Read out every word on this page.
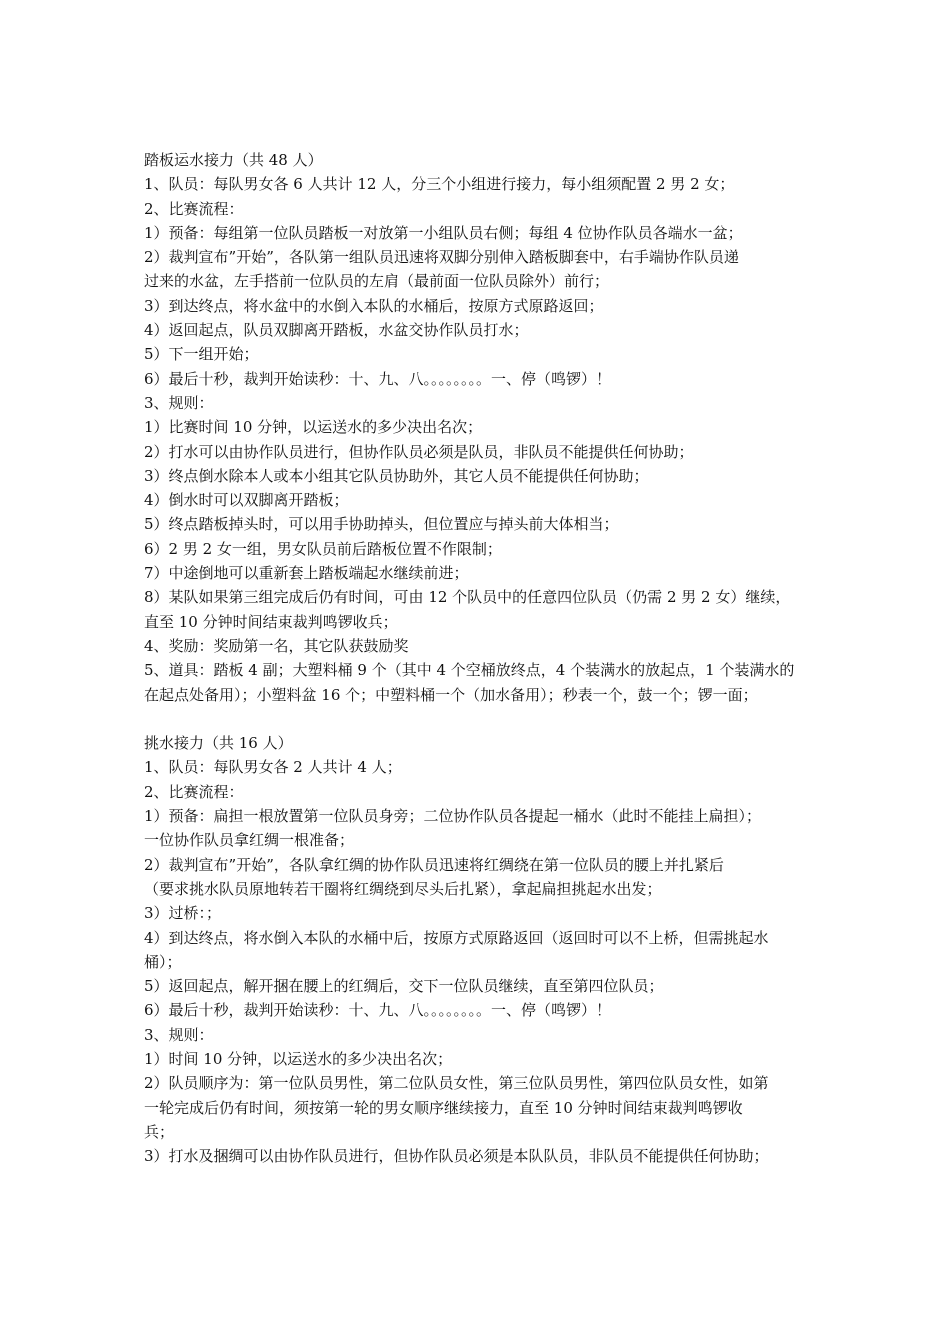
踏板运水接力（共 48 人）
1、队员：每队男女各 6 人共计 12 人，分三个小组进行接力，每小组须配置 2 男 2 女；
2、比赛流程：
1）预备：每组第一位队员踏板一对放第一小组队员右侧；每组 4 位协作队员各端水一盆；
2）裁判宣布”开始”，各队第一组队员迅速将双脚分别伸入踏板脚套中，右手端协作队员递
过来的水盆，左手搭前一位队员的左肩（最前面一位队员除外）前行；
3）到达终点，将水盆中的水倒入本队的水桶后，按原方式原路返回；
4）返回起点，队员双脚离开踏板，水盆交协作队员打水；
5）下一组开始；
6）最后十秒，裁判开始读秒：十、九、八。。。。。。。。一、停（鸣锣）！
3、规则：
1）比赛时间 10 分钟，以运送水的多少决出名次；
2）打水可以由协作队员进行，但协作队员必须是队员，非队员不能提供任何协助；
3）终点倒水除本人或本小组其它队员协助外，其它人员不能提供任何协助；
4）倒水时可以双脚离开踏板；
5）终点踏板掉头时，可以用手协助掉头，但位置应与掉头前大体相当；
6）2 男 2 女一组，男女队员前后踏板位置不作限制；
7）中途倒地可以重新套上踏板端起水继续前进；
8）某队如果第三组完成后仍有时间，可由 12 个队员中的任意四位队员（仍需 2 男 2 女）继续，
直至 10 分钟时间结束裁判鸣锣收兵；
4、奖励：奖励第一名，其它队获鼓励奖
5、道具：踏板 4 副；大塑料桶 9 个（其中 4 个空桶放终点，4 个装满水的放起点，1 个装满水的
在起点处备用）；小塑料盆 16 个；中塑料桶一个（加水备用）；秒表一个，鼓一个；锣一面；
挑水接力（共 16 人）
1、队员：每队男女各 2 人共计 4 人；
2、比赛流程：
1）预备：扁担一根放置第一位队员身旁；二位协作队员各提起一桶水（此时不能挂上扁担）；
一位协作队员拿红绸一根准备；
2）裁判宣布”开始”，各队拿红绸的协作队员迅速将红绸绕在第一位队员的腰上并扎紧后
（要求挑水队员原地转若干圈将红绸绕到尽头后扎紧），拿起扁担挑起水出发；
3）过桥：；
4）到达终点，将水倒入本队的水桶中后，按原方式原路返回（返回时可以不上桥，但需挑起水
桶）；
5）返回起点，解开捆在腰上的红绸后，交下一位队员继续，直至第四位队员；
6）最后十秒，裁判开始读秒：十、九、八。。。。。。。。一、停（鸣锣）！
3、规则：
1）时间 10 分钟，以运送水的多少决出名次；
2）队员顺序为：第一位队员男性，第二位队员女性，第三位队员男性，第四位队员女性，如第
一轮完成后仍有时间，须按第一轮的男女顺序继续接力，直至 10 分钟时间结束裁判鸣锣收
兵；
3）打水及捆绸可以由协作队员进行，但协作队员必须是本队队员，非队员不能提供任何协助；
